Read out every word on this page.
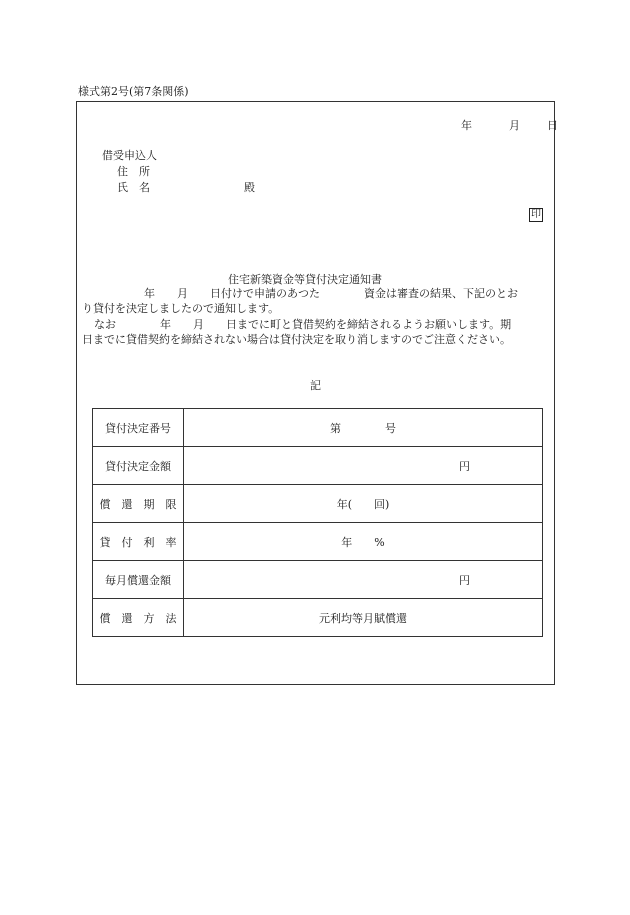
様式第2号(第7条関係)
年	月 日
借受申込人
住　所
氏　名	殿
印
住宅新築資金等貸付決定通知書
年　　月　　日付けで申請のあつた　　　　資金は審査の結果、下記のとお
り貸付を決定しましたので通知します。
なお　　　　年　　月　　日までに町と貸借契約を締結されるようお願いします。期
日までに貸借契約を締結されない場合は貸付決定を取り消しますのでご注意ください。
記
貸付決定番号	第　　　　号
貸付決定金額	円

償　還　期　限	年(　　回)
貸　付　利　率	年　　%
毎月償還金額	円

償　還　方　法	元利均等月賦償還
